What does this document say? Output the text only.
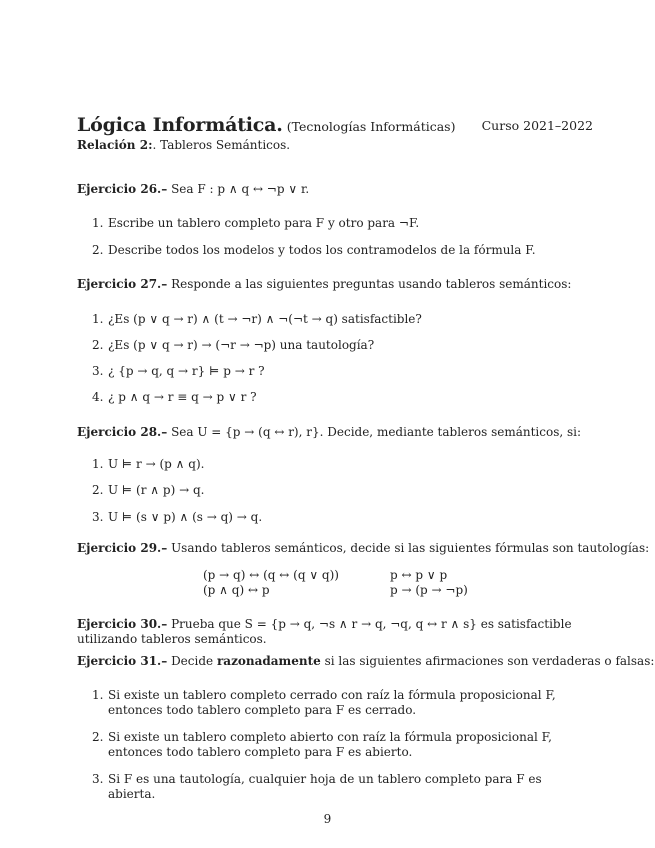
Lógica Informática. (Tecnologías Informáticas) Curso 2021–2022
Relación 2:. Tableros Semánticos.
Ejercicio 26.– Sea F : p ∧ q ↔ ¬p ∨ r.
1. Escribe un tablero completo para F y otro para ¬F.
2. Describe todos los modelos y todos los contramodelos de la fórmula F.
Ejercicio 27.– Responde a las siguientes preguntas usando tableros semánticos:
1. ¿Es (p ∨ q → r) ∧ (t → ¬r) ∧ ¬(¬t → q) satisfactible?
2. ¿Es (p ∨ q → r) → (¬r → ¬p) una tautología?
3. ¿ {p → q, q → r} ⊨ p → r ?
4. ¿ p ∧ q → r ≡ q → p ∨ r ?
Ejercicio 28.– Sea U = {p → (q ↔ r), r}. Decide, mediante tableros semánticos, si:
1. U ⊨ r → (p ∧ q).
2. U ⊨ (r ∧ p) → q.
3. U ⊨ (s ∨ p) ∧ (s → q) → q.
Ejercicio 29.– Usando tableros semánticos, decide si las siguientes fórmulas son tautologías:
(p → q) ↔ (q ↔ (q ∨ q))	p ↔ p ∨ p
(p ∧ q) ↔ p	p → (p → ¬p)
Ejercicio 30.– Prueba que S = {p → q, ¬s ∧ r → q, ¬q, q ↔ r ∧ s} es satisfactible utilizando tableros semánticos.
Ejercicio 31.– Decide razonadamente si las siguientes afirmaciones son verdaderas o falsas:
1. Si existe un tablero completo cerrado con raíz la fórmula proposicional F, entonces todo tablero completo para F es cerrado.
2. Si existe un tablero completo abierto con raíz la fórmula proposicional F, entonces todo tablero completo para F es abierto.
3. Si F es una tautología, cualquier hoja de un tablero completo para F es abierta.
9
